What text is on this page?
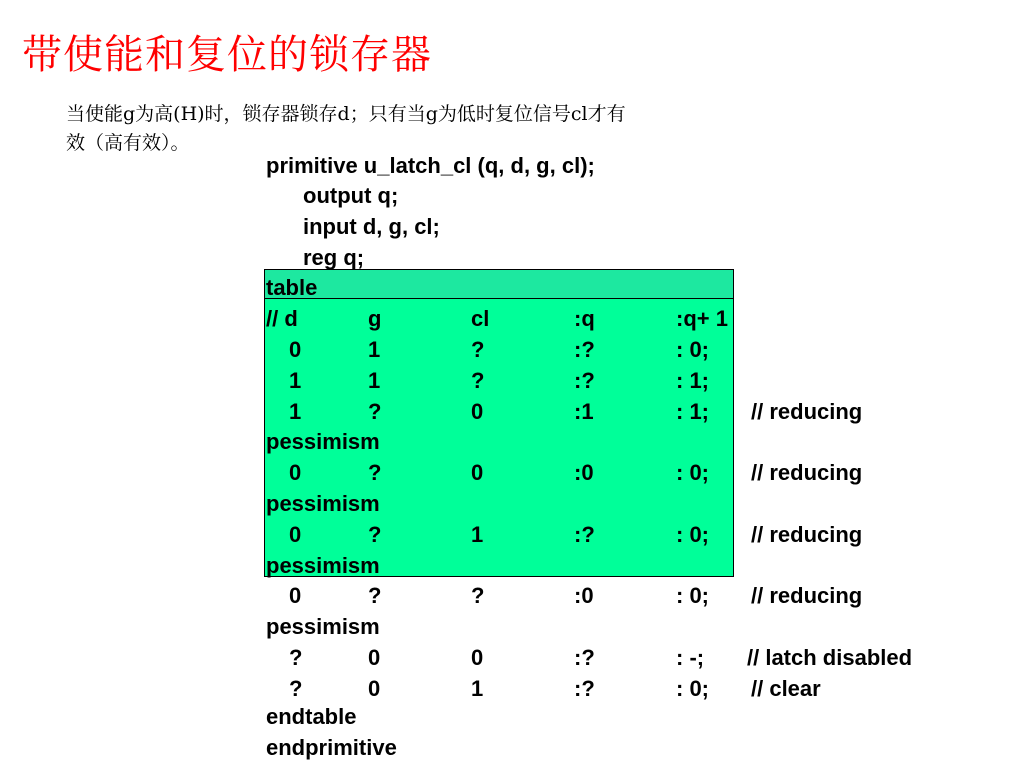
带使能和复位的锁存器

当使能g为高(H)时，锁存器锁存d；只有当g为低时复位信号cl才有

效（高有效）。

primitive u_latch_cl (q, d, g, cl);
output q;
input d, g, cl;
reg q;
table
// d	g	cl	:q	:q+ 1
0	1	?	:?	: 0;
1	1	?	:?	: 1;
1	?	0	:1	: 1; // reducing
pessimism
0	?	0	:0	: 0; // reducing
pessimism
0	?	1	:?	: 0; // reducing
pessimism
0	?	?	:0	: 0; // reducing
pessimism
?	0	0	:?	: -; // latch disabled
?	0	1	:?	: 0; // clear
endtable
endprimitive
